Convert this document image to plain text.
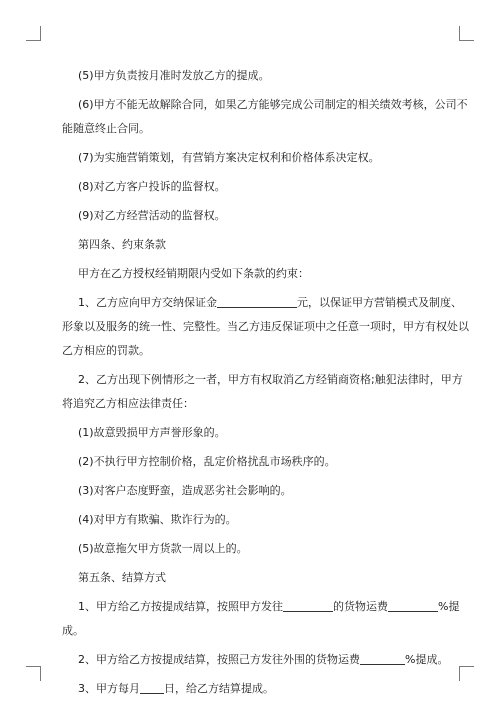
(5)甲方负责按月准时发放乙方的提成。

(6)甲方不能无故解除合同，如果乙方能够完成公司制定的相关绩效考核，公司不
能随意终止合同。

(7)为实施营销策划，有营销方案决定权利和价格体系决定权。

(8)对乙方客户投诉的监督权。

(9)对乙方经营活动的监督权。

第四条、约束条款

甲方在乙方授权经销期限内受如下条款的约束：

1、乙方应向甲方交纳保证金	元，以保证甲方营销模式及制度、
形象以及服务的统一性、完整性。当乙方违反保证项中之任意一项时，甲方有权处以
乙方相应的罚款。

2、乙方出现下例情形之一者，甲方有权取消乙方经销商资格;触犯法律时，甲方
将追究乙方相应法律责任：

(1)故意毁损甲方声誉形象的。

(2)不执行甲方控制价格，乱定价格扰乱市场秩序的。

(3)对客户态度野蛮，造成恶劣社会影响的。

(4)对甲方有欺骗、欺诈行为的。

(5)故意拖欠甲方货款一周以上的。

第五条、结算方式

1、甲方给乙方按提成结算，按照甲方发往	的货物运费	%提
成。

2、甲方给乙方按提成结算，按照己方发往外围的货物运费	%提成。

3、甲方每月 日，给乙方结算提成。
